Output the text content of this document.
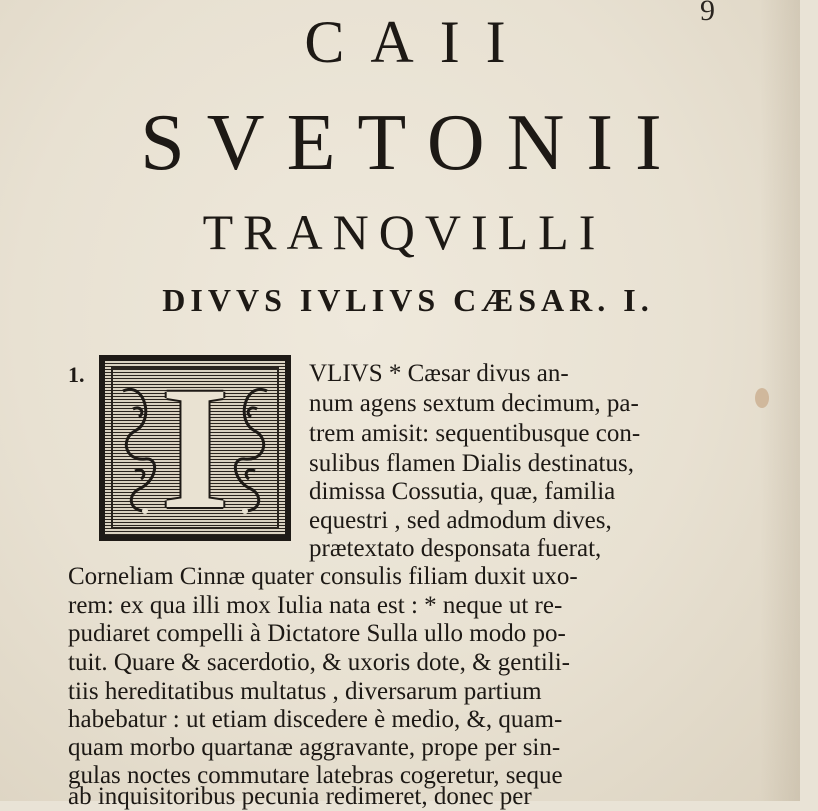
9
CAII
SVETONII
TRANQVILLI
DIVVS IVLIVS CÆSAR. I.
1. I	VLIVS * Cæsar divus an-
num agens sextum decimum, pa-
trem amisit: sequentibusque con-
sulibus flamen Dialis destinatus,
dimissa Cossutia, quæ, familia
equestri , sed admodum dives,
prætextato desponsata fuerat,
Corneliam Cinnæ quater consulis filiam duxit uxo-
rem: ex qua illi mox Iulia nata est : * neque ut re-
pudiaret compelli à Dictatore Sulla ullo modo po-
tuit. Quare & sacerdotio, & uxoris dote, & gentili-
tiis hereditatibus multatus , diversarum partium
habebatur : ut etiam discedere è medio, &, quam-
quam morbo quartanæ aggravante, prope per sin-
gulas noctes commutare latebras cogeretur, seque
ab inquisitoribus pecunia redimeret, donec per
